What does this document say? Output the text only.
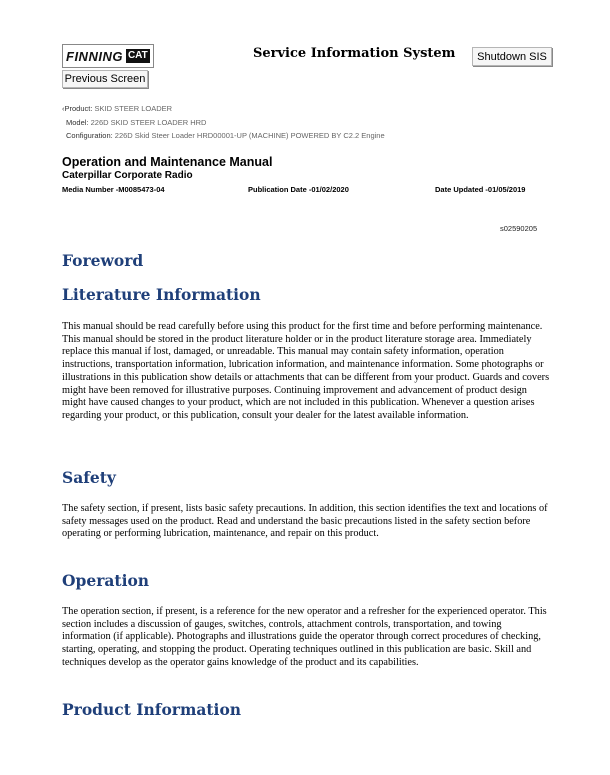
FINNING CAT	Service Information System	Shutdown SIS
Previous Screen
‹Product: SKID STEER LOADER
Model: 226D SKID STEER LOADER HRD
Configuration: 226D Skid Steer Loader HRD00001-UP (MACHINE) POWERED BY C2.2 Engine
Operation and Maintenance Manual
Caterpillar Corporate Radio
Media Number -M0085473-04	Publication Date -01/02/2020	Date Updated -01/05/2019
s02590205
Foreword
Literature Information

This manual should be read carefully before using this product for the first time and before performing maintenance. This manual should be stored in the product literature holder or in the product literature storage area. Immediately replace this manual if lost, damaged, or unreadable. This manual may contain safety information, operation instructions, transportation information, lubrication information, and maintenance information. Some photographs or illustrations in this publication show details or attachments that can be different from your product. Guards and covers might have been removed for illustrative purposes. Continuing improvement and advancement of product design might have caused changes to your product, which are not included in this publication. Whenever a question arises regarding your product, or this publication, consult your dealer for the latest available information.

Safety

The safety section, if present, lists basic safety precautions. In addition, this section identifies the text and locations of safety messages used on the product. Read and understand the basic precautions listed in the safety section before operating or performing lubrication, maintenance, and repair on this product.

Operation

The operation section, if present, is a reference for the new operator and a refresher for the experienced operator. This section includes a discussion of gauges, switches, controls, attachment controls, transportation, and towing information (if applicable). Photographs and illustrations guide the operator through correct procedures of checking, starting, operating, and stopping the product. Operating techniques outlined in this publication are basic. Skill and techniques develop as the operator gains knowledge of the product and its capabilities.

Product Information
